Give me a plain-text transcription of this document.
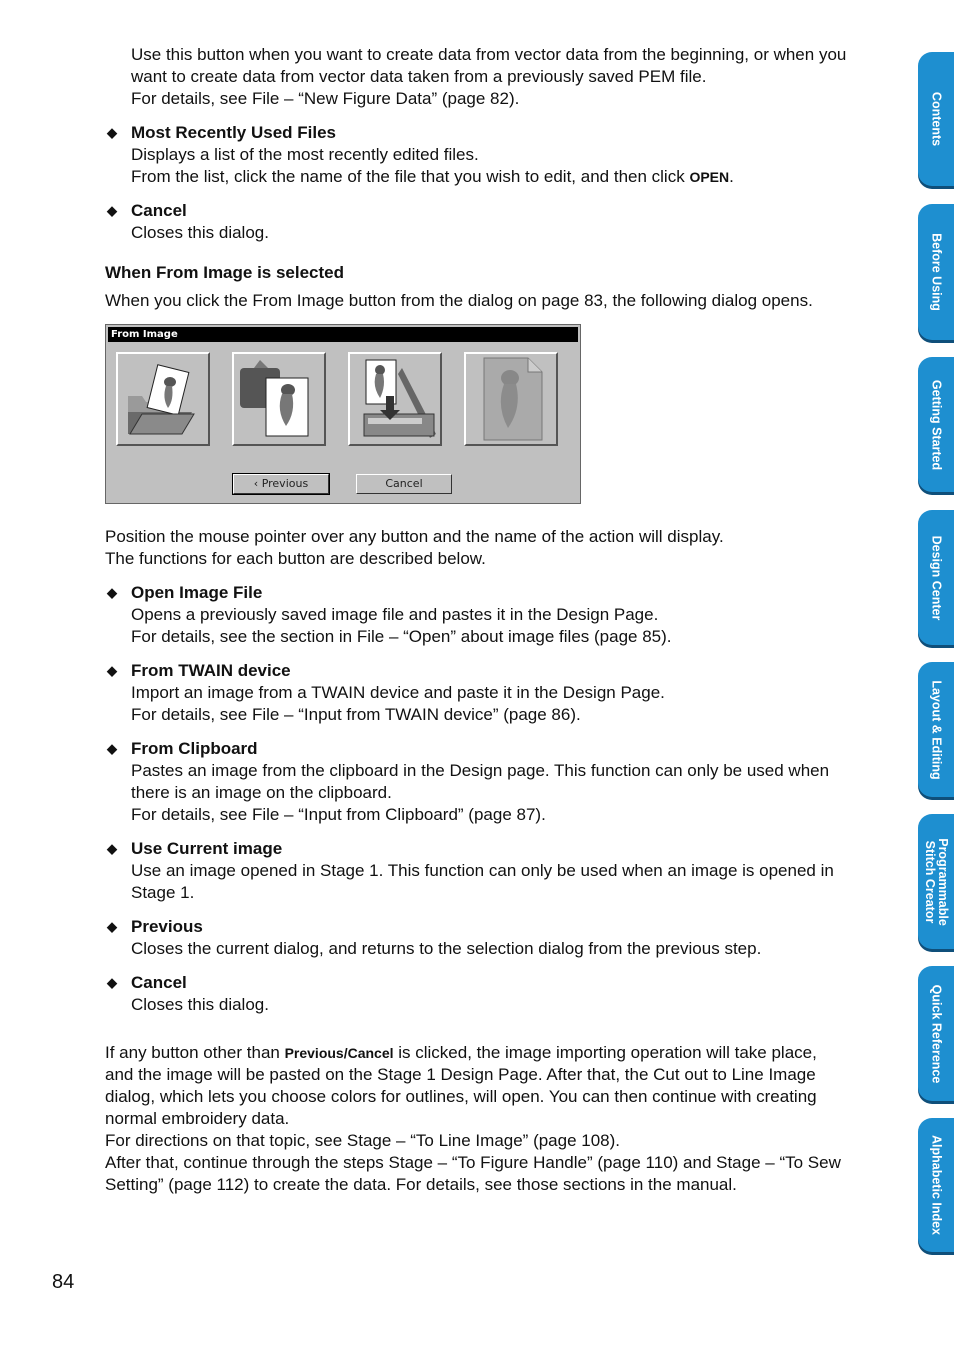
Use this button when you want to create data from vector data from the beginning, or when you
want to create data from vector data taken from a previously saved PEM file.
For details, see File – “New Figure Data” (page 82).
◆ Most Recently Used Files
Displays a list of the most recently edited files.
From the list, click the name of the file that you wish to edit, and then click OPEN.
◆ Cancel
Closes this dialog.
When From Image is selected
When you click the From Image button from the dialog on page 83, the following dialog opens.
From Image
‹ Previous	Cancel
Position the mouse pointer over any button and the name of the action will display.
The functions for each button are described below.
◆ Open Image File
Opens a previously saved image file and pastes it in the Design Page.
For details, see the section in File – “Open” about image files (page 85).
◆ From TWAIN device
Import an image from a TWAIN device and paste it in the Design Page.
For details, see File – “Input from TWAIN device” (page 86).
◆ From Clipboard
Pastes an image from the clipboard in the Design page. This function can only be used when
there is an image on the clipboard.
For details, see File – “Input from Clipboard” (page 87).
◆ Use Current image
Use an image opened in Stage 1. This function can only be used when an image is opened in
Stage 1.
◆ Previous
Closes the current dialog, and returns to the selection dialog from the previous step.
◆ Cancel
Closes this dialog.
If any button other than Previous/Cancel is clicked, the image importing operation will take place,
and the image will be pasted on the Stage 1 Design Page. After that, the Cut out to Line Image
dialog, which lets you choose colors for outlines, will open. You can then continue with creating
normal embroidery data.
For directions on that topic, see Stage – “To Line Image” (page 108).
After that, continue through the steps Stage – “To Figure Handle” (page 110) and Stage – “To Sew
Setting” (page 112) to create the data. For details, see those sections in the manual.
Contents
Before Using
Getting Started
Design Center
Layout & Editing
Programmable Stitch Creator
Quick Reference
Alphabetic Index
84
